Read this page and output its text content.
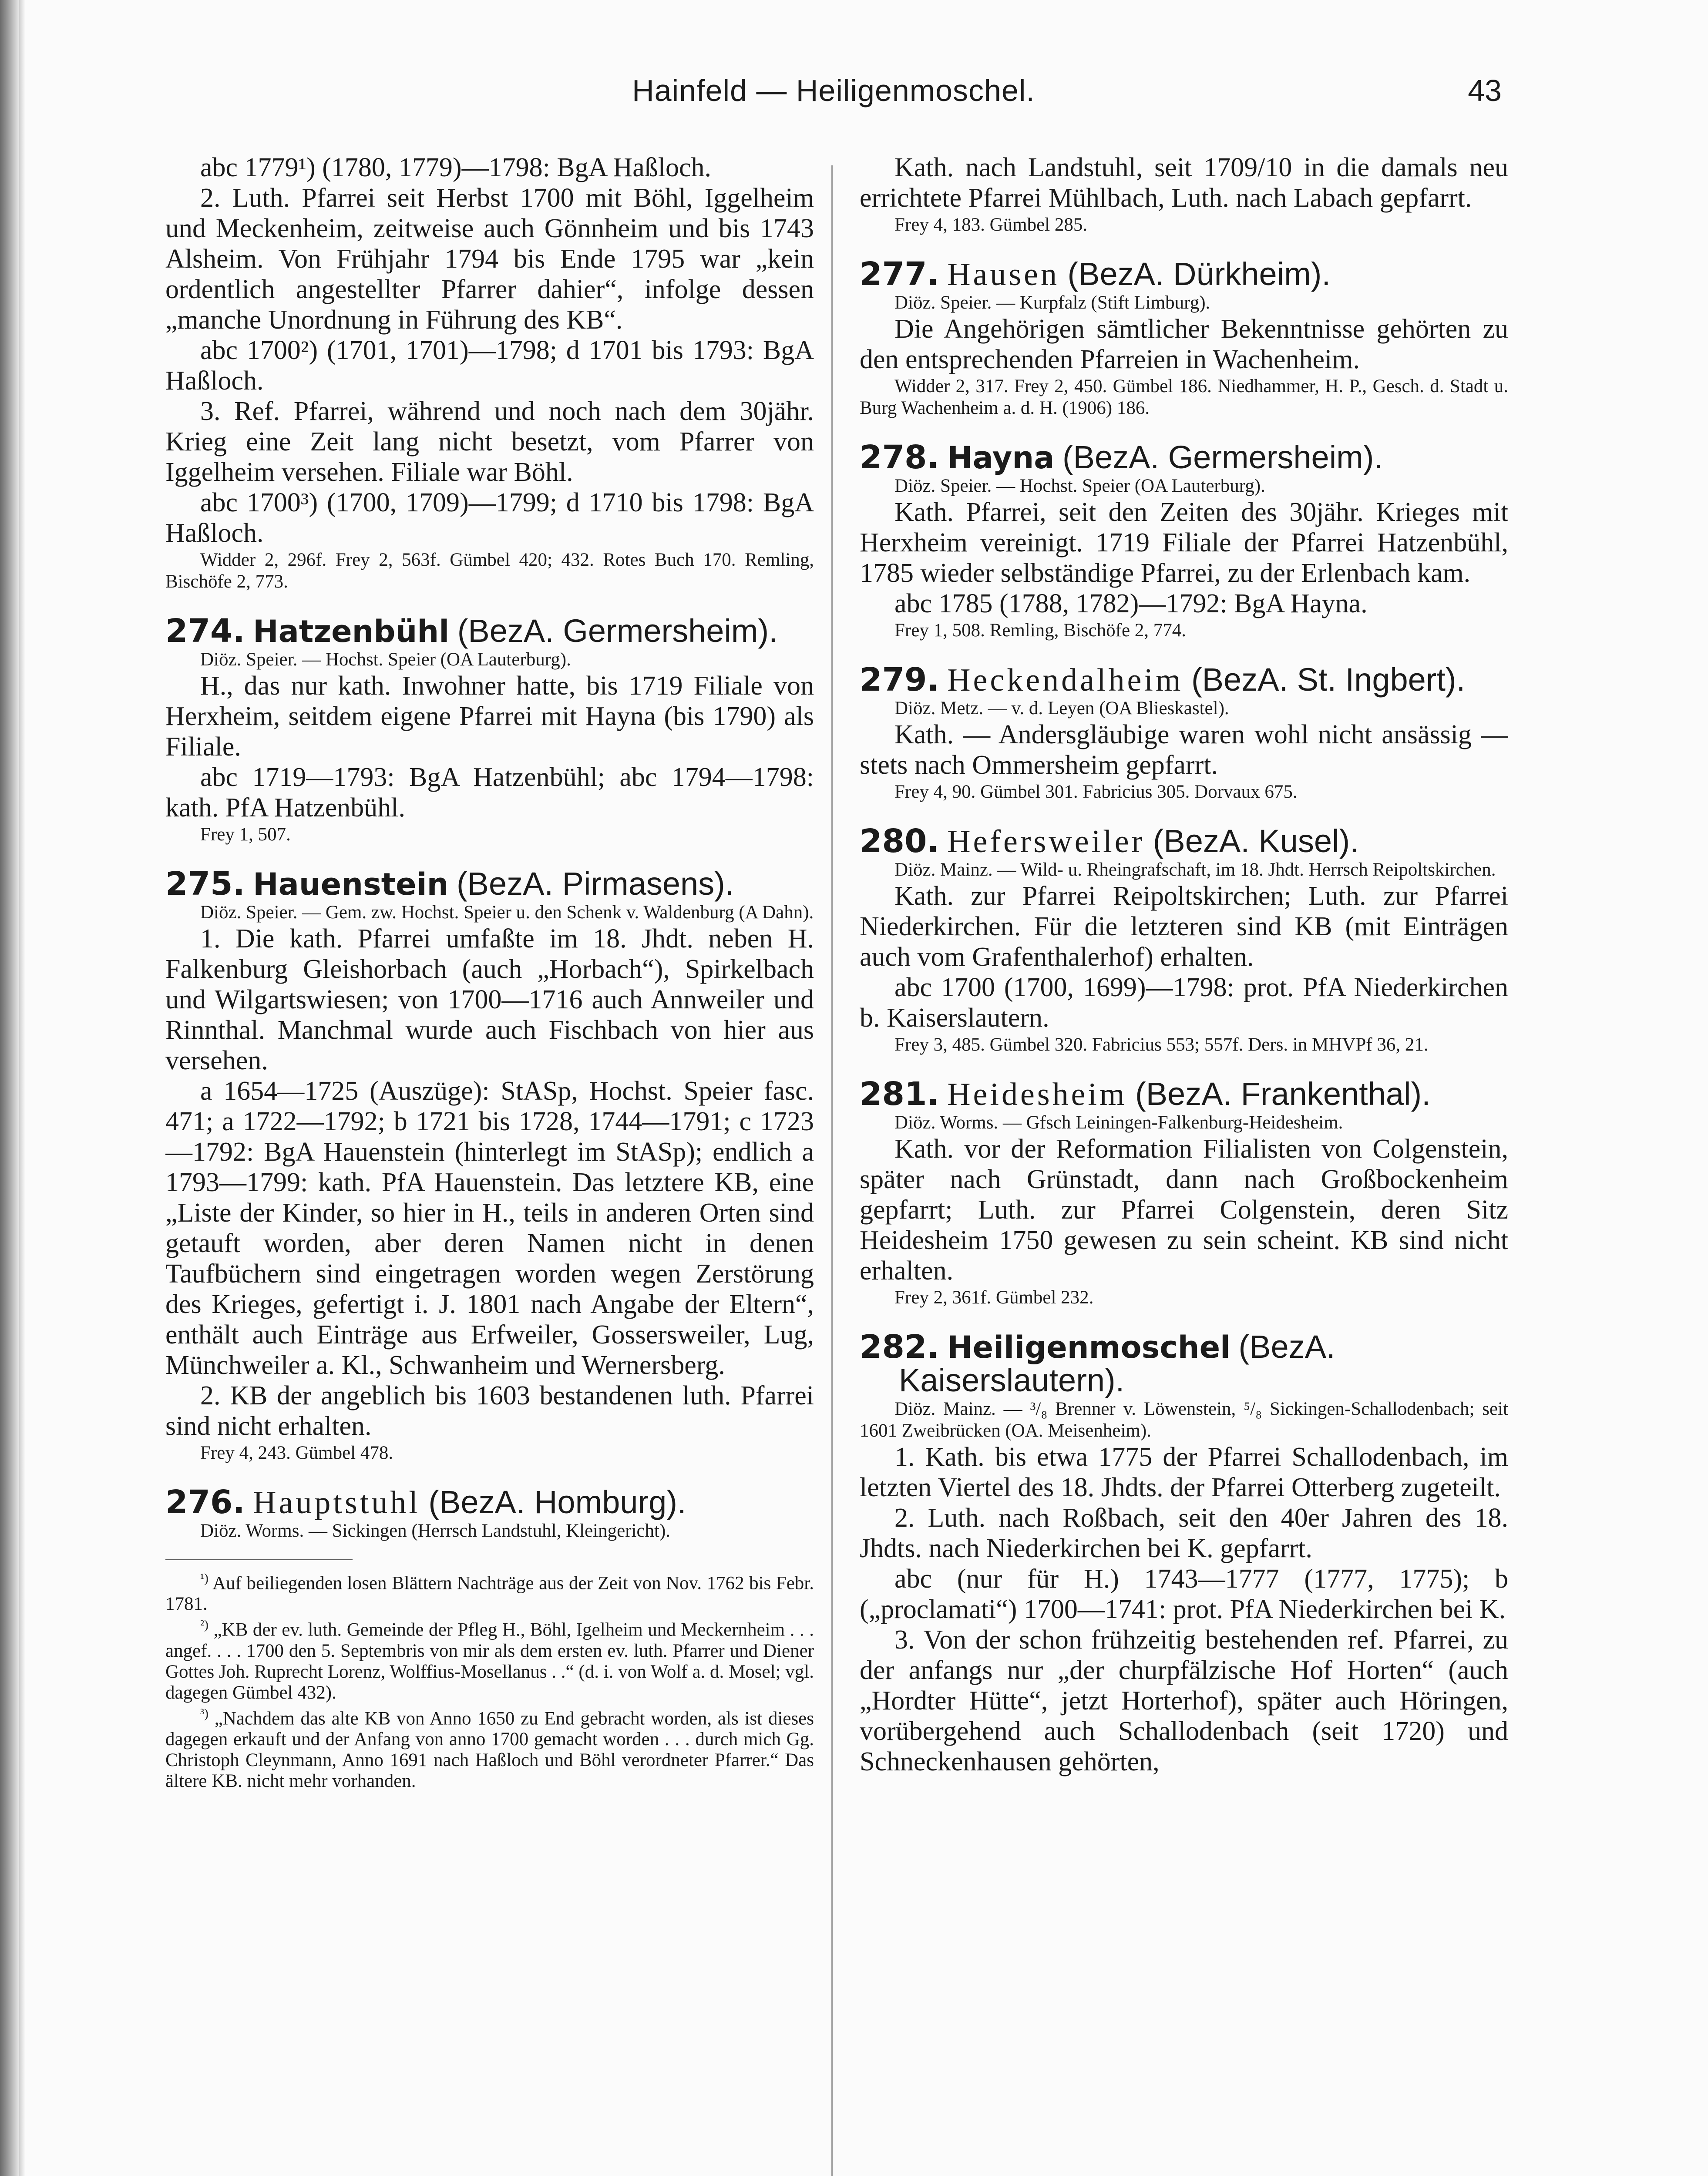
Hainfeld — Heiligenmoschel.	43

abc 1779¹) (1780, 1779)—1798: BgA Haßloch.

2. Luth. Pfarrei seit Herbst 1700 mit Böhl, Iggelheim und Meckenheim, zeitweise auch Gönnheim und bis 1743 Alsheim. Von Frühjahr 1794 bis Ende 1795 war „kein ordentlich angestellter Pfarrer dahier“, infolge dessen „manche Unordnung in Führung des KB“.

abc 1700²) (1701, 1701)—1798; d 1701 bis 1793: BgA Haßloch.

3. Ref. Pfarrei, während und noch nach dem 30jähr. Krieg eine Zeit lang nicht besetzt, vom Pfarrer von Iggelheim versehen. Filiale war Böhl.

abc 1700³) (1700, 1709)—1799; d 1710 bis 1798: BgA Haßloch.

Widder 2, 296f. Frey 2, 563f. Gümbel 420; 432. Rotes Buch 170. Remling, Bischöfe 2, 773.

274. Hatzenbühl (BezA. Germersheim).

Diöz. Speier. — Hochst. Speier (OA Lauterburg).

H., das nur kath. Inwohner hatte, bis 1719 Filiale von Herxheim, seitdem eigene Pfarrei mit Hayna (bis 1790) als Filiale.

abc 1719—1793: BgA Hatzenbühl; abc 1794—1798: kath. PfA Hatzenbühl.

Frey 1, 507.

275. Hauenstein (BezA. Pirmasens).

Diöz. Speier. — Gem. zw. Hochst. Speier u. den Schenk v. Waldenburg (A Dahn).

1. Die kath. Pfarrei umfaßte im 18. Jhdt. neben H. Falkenburg Gleishorbach (auch „Horbach“), Spirkelbach und Wilgartswiesen; von 1700—1716 auch Annweiler und Rinnthal. Manchmal wurde auch Fischbach von hier aus versehen.

a 1654—1725 (Auszüge): StASp, Hochst. Speier fasc. 471; a 1722—1792; b 1721 bis 1728, 1744—1791; c 1723—1792: BgA Hauenstein (hinterlegt im StASp); endlich a 1793—1799: kath. PfA Hauenstein. Das letztere KB, eine „Liste der Kinder, so hier in H., teils in anderen Orten sind getauft worden, aber deren Namen nicht in denen Taufbüchern sind eingetragen worden wegen Zerstörung des Krieges, gefertigt i. J. 1801 nach Angabe der Eltern“, enthält auch Einträge aus Erfweiler, Gossersweiler, Lug, Münchweiler a. Kl., Schwanheim und Wernersberg.

2. KB der angeblich bis 1603 bestandenen luth. Pfarrei sind nicht erhalten.

Frey 4, 243. Gümbel 478.

276. Hauptstuhl (BezA. Homburg).

Diöz. Worms. — Sickingen (Herrsch Landstuhl, Kleingericht).

$^{^1)}$ Auf beiliegenden losen Blättern Nachträge aus der Zeit von Nov. 1762 bis Febr. 1781.

$^{^2)}$ „KB der ev. luth. Gemeinde der Pfleg H., Böhl, Igelheim und Meckernheim . . . angef. . . . 1700 den 5. Septembris von mir als dem ersten ev. luth. Pfarrer und Diener Gottes Joh. Ruprecht Lorenz, Wolffius-Mosellanus . .“ (d. i. von Wolf a. d. Mosel; vgl. dagegen Gümbel 432).

$^{^3)}$ „Nachdem das alte KB von Anno 1650 zu End gebracht worden, als ist dieses dagegen erkauft und der Anfang von anno 1700 gemacht worden . . . durch mich Gg. Christoph Cleynmann, Anno 1691 nach Haßloch und Böhl verordneter Pfarrer.“ Das ältere KB. nicht mehr vorhanden.

Kath. nach Landstuhl, seit 1709/10 in die damals neu errichtete Pfarrei Mühlbach, Luth. nach Labach gepfarrt.

Frey 4, 183. Gümbel 285.

277. Hausen (BezA. Dürkheim).

Diöz. Speier. — Kurpfalz (Stift Limburg).

Die Angehörigen sämtlicher Bekenntnisse gehörten zu den entsprechenden Pfarreien in Wachenheim.

Widder 2, 317. Frey 2, 450. Gümbel 186. Niedhammer, H. P., Gesch. d. Stadt u. Burg Wachenheim a. d. H. (1906) 186.

278. Hayna (BezA. Germersheim).

Diöz. Speier. — Hochst. Speier (OA Lauterburg).

Kath. Pfarrei, seit den Zeiten des 30jähr. Krieges mit Herxheim vereinigt. 1719 Filiale der Pfarrei Hatzenbühl, 1785 wieder selbständige Pfarrei, zu der Erlenbach kam.

abc 1785 (1788, 1782)—1792: BgA Hayna.

Frey 1, 508. Remling, Bischöfe 2, 774.

279. Heckendalheim (BezA. St. Ingbert).

Diöz. Metz. — v. d. Leyen (OA Blieskastel).

Kath. — Andersgläubige waren wohl nicht ansässig — stets nach Ommersheim gepfarrt.

Frey 4, 90. Gümbel 301. Fabricius 305. Dorvaux 675.

280. Hefersweiler (BezA. Kusel).

Diöz. Mainz. — Wild- u. Rheingrafschaft, im 18. Jhdt. Herrsch Reipoltskirchen.

Kath. zur Pfarrei Reipoltskirchen; Luth. zur Pfarrei Niederkirchen. Für die letzteren sind KB (mit Einträgen auch vom Grafenthalerhof) erhalten.

abc 1700 (1700, 1699)—1798: prot. PfA Niederkirchen b. Kaiserslautern.

Frey 3, 485. Gümbel 320. Fabricius 553; 557f. Ders. in MHVPf 36, 21.

281. Heidesheim (BezA. Frankenthal).

Diöz. Worms. — Gfsch Leiningen-Falkenburg-Heidesheim.

Kath. vor der Reformation Filialisten von Colgenstein, später nach Grünstadt, dann nach Großbockenheim gepfarrt; Luth. zur Pfarrei Colgenstein, deren Sitz Heidesheim 1750 gewesen zu sein scheint. KB sind nicht erhalten.

Frey 2, 361f. Gümbel 232.

282. Heiligenmoschel (BezA. Kaiserslautern).

Diöz. Mainz. — ³/₈ Brenner v. Löwenstein, ⁵/₈ Sickingen-Schallodenbach; seit 1601 Zweibrücken (OA. Meisenheim).

1. Kath. bis etwa 1775 der Pfarrei Schallodenbach, im letzten Viertel des 18. Jhdts. der Pfarrei Otterberg zugeteilt.

2. Luth. nach Roßbach, seit den 40er Jahren des 18. Jhdts. nach Niederkirchen bei K. gepfarrt.

abc (nur für H.) 1743—1777 (1777, 1775); b („proclamati“) 1700—1741: prot. PfA Niederkirchen bei K.

3. Von der schon frühzeitig bestehenden ref. Pfarrei, zu der anfangs nur „der churpfälzische Hof Horten“ (auch „Hordter Hütte“, jetzt Horterhof), später auch Höringen, vorübergehend auch Schallodenbach (seit 1720) und Schneckenhausen gehörten,
